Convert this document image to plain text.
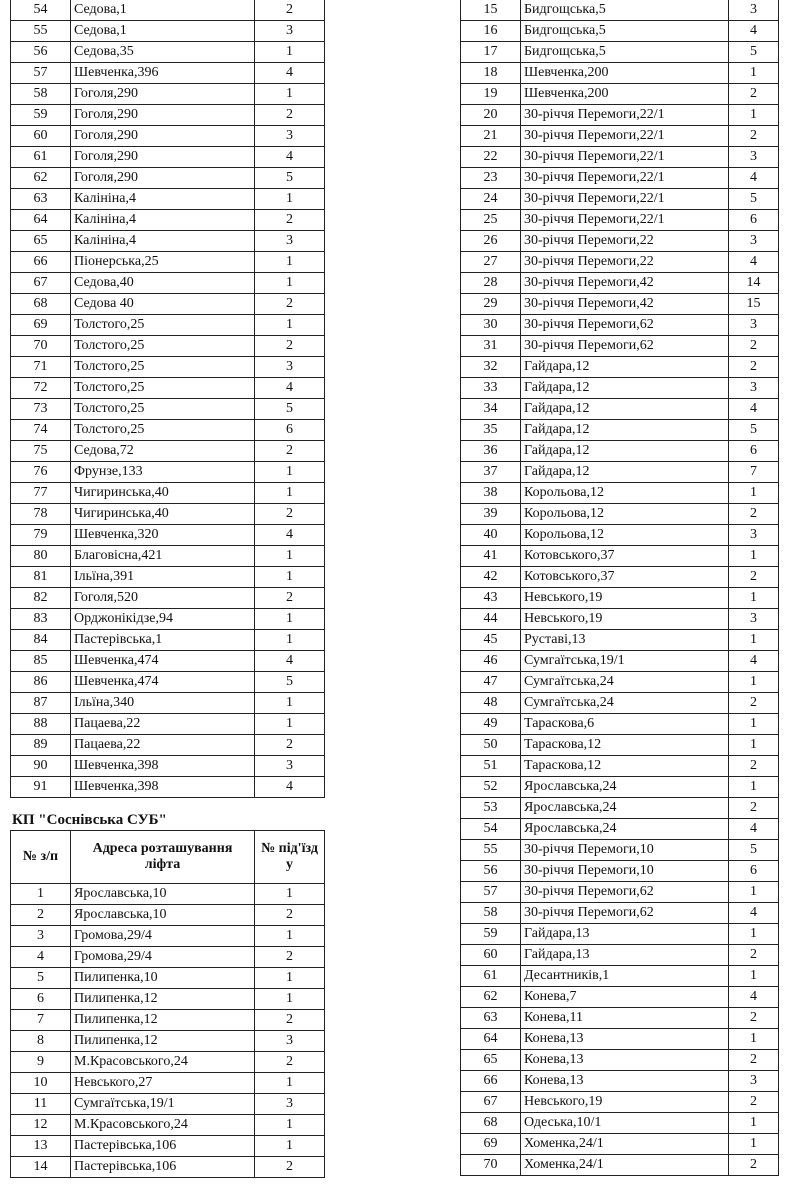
54	Седова,1	2
55	Седова,1	3
56	Седова,35	1
57	Шевченка,396	4
58	Гоголя,290	1
59	Гоголя,290	2
60	Гоголя,290	3
61	Гоголя,290	4
62	Гоголя,290	5
63	Калініна,4	1
64	Калініна,4	2
65	Калініна,4	3
66	Піонерська,25	1
67	Седова,40	1
68	Седова 40	2
69	Толстого,25	1
70	Толстого,25	2
71	Толстого,25	3
72	Толстого,25	4
73	Толстого,25	5
74	Толстого,25	6
75	Седова,72	2
76	Фрунзе,133	1
77	Чигиринська,40	1
78	Чигиринська,40	2
79	Шевченка,320	4
80	Благовісна,421	1
81	Ільїна,391	1
82	Гоголя,520	2
83	Орджонікідзе,94	1
84	Пастерівська,1	1
85	Шевченка,474	4
86	Шевченка,474	5
87	Ільїна,340	1
88	Пацаева,22	1
89	Пацаева,22	2
90	Шевченка,398	3
91	Шевченка,398	4
КП "Соснівська СУБ"
№ з/п	Адреса розташування ліфта	№ під'їзд у
1	Ярославська,10	1
2	Ярославська,10	2
3	Громова,29/4	1
4	Громова,29/4	2
5	Пилипенка,10	1
6	Пилипенка,12	1
7	Пилипенка,12	2
8	Пилипенка,12	3
9	М.Красовського,24	2
10	Невського,27	1
11	Сумгаїтська,19/1	3
12	М.Красовського,24	1
13	Пастерівська,106	1
14	Пастерівська,106	2
15	Бидгощська,5	3
16	Бидгощська,5	4
17	Бидгощська,5	5
18	Шевченка,200	1
19	Шевченка,200	2
20	30-річчя Перемоги,22/1	1
21	30-річчя Перемоги,22/1	2
22	30-річчя Перемоги,22/1	3
23	30-річчя Перемоги,22/1	4
24	30-річчя Перемоги,22/1	5
25	30-річчя Перемоги,22/1	6
26	30-річчя Перемоги,22	3
27	30-річчя Перемоги,22	4
28	30-річчя Перемоги,42	14
29	30-річчя Перемоги,42	15
30	30-річчя Перемоги,62	3
31	30-річчя Перемоги,62	2
32	Гайдара,12	2
33	Гайдара,12	3
34	Гайдара,12	4
35	Гайдара,12	5
36	Гайдара,12	6
37	Гайдара,12	7
38	Корольова,12	1
39	Корольова,12	2
40	Корольова,12	3
41	Котовського,37	1
42	Котовського,37	2
43	Невського,19	1
44	Невського,19	3
45	Руставі,13	1
46	Сумгаїтська,19/1	4
47	Сумгаїтська,24	1
48	Сумгаїтська,24	2
49	Тараскова,6	1
50	Тараскова,12	1
51	Тараскова,12	2
52	Ярославська,24	1
53	Ярославська,24	2
54	Ярославська,24	4
55	30-річчя Перемоги,10	5
56	30-річчя Перемоги,10	6
57	30-річчя Перемоги,62	1
58	30-річчя Перемоги,62	4
59	Гайдара,13	1
60	Гайдара,13	2
61	Десантників,1	1
62	Конева,7	4
63	Конева,11	2
64	Конева,13	1
65	Конева,13	2
66	Конева,13	3
67	Невського,19	2
68	Одеська,10/1	1
69	Хоменка,24/1	1
70	Хоменка,24/1	2
